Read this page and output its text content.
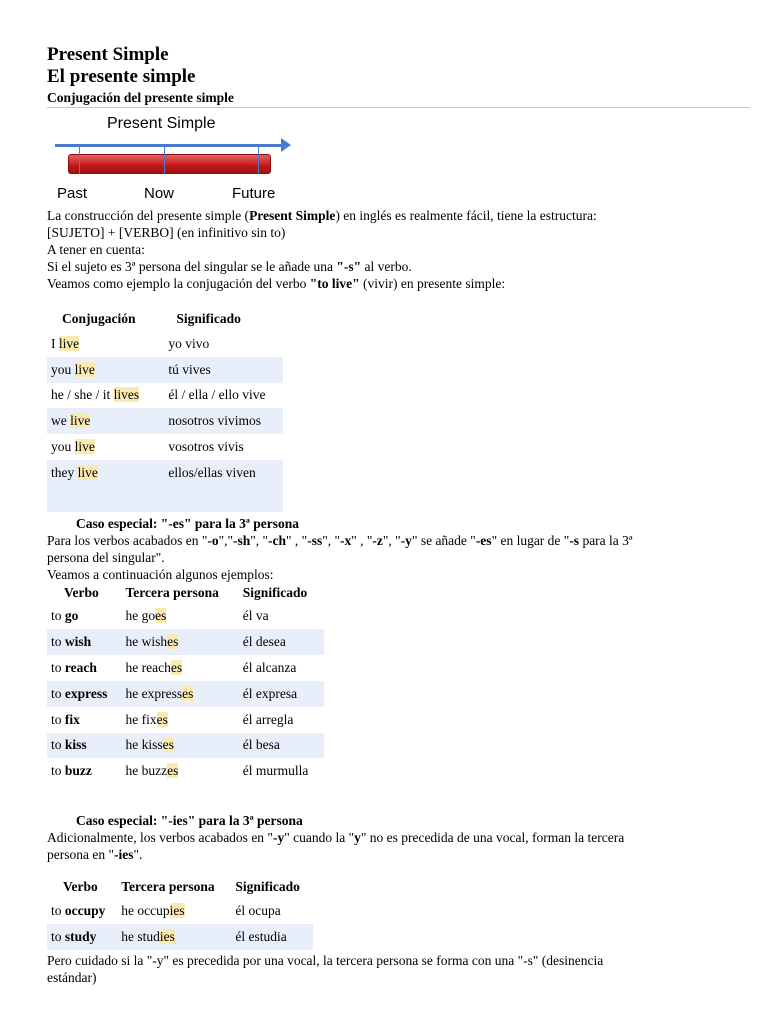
Present Simple
El presente simple
Conjugación del presente simple
Present Simple
Past	Now	Future

La construcción del presente simple (Present Simple) en inglés es realmente fácil, tiene la estructura:

[SUJETO] + [VERBO] (en infinitivo sin to)

A tener en cuenta:

Si el sujeto es 3ª persona del singular se le añade una "-s" al verbo.

Veamos como ejemplo la conjugación del verbo "to live" (vivir) en presente simple:

Conjugación	Significado
I live	yo vivo
you live	tú vives
he / she / it lives	él / ella / ello vive
we live	nosotros vivimos
you live	vosotros vivis
they live	ellos/ellas viven

Caso especial: "-es" para la 3ª persona

Para los verbos acabados en "-o","-sh", "-ch" , "-ss", "-x" , "-z", "-y" se añade "-es" en lugar de "-s para la 3ª

persona del singular".

Veamos a continuación algunos ejemplos:

Verbo	Tercera persona	Significado
to go	he goes	él va
to wish	he wishes	él desea
to reach	he reaches	él alcanza
to express	he expresses	él expresa
to fix	he fixes	él arregla
to kiss	he kisses	él besa
to buzz	he buzzes	él murmulla
Caso especial: "-ies" para la 3ª persona

Adicionalmente, los verbos acabados en "-y" cuando la "y" no es precedida de una vocal, forman la tercera

persona en "-ies".

Verbo	Tercera persona	Significado
to occupy	he occupies	él ocupa
to study	he studies	él estudia

Pero cuidado si la "-y" es precedida por una vocal, la tercera persona se forma con una "-s" (desinencia

estándar)
